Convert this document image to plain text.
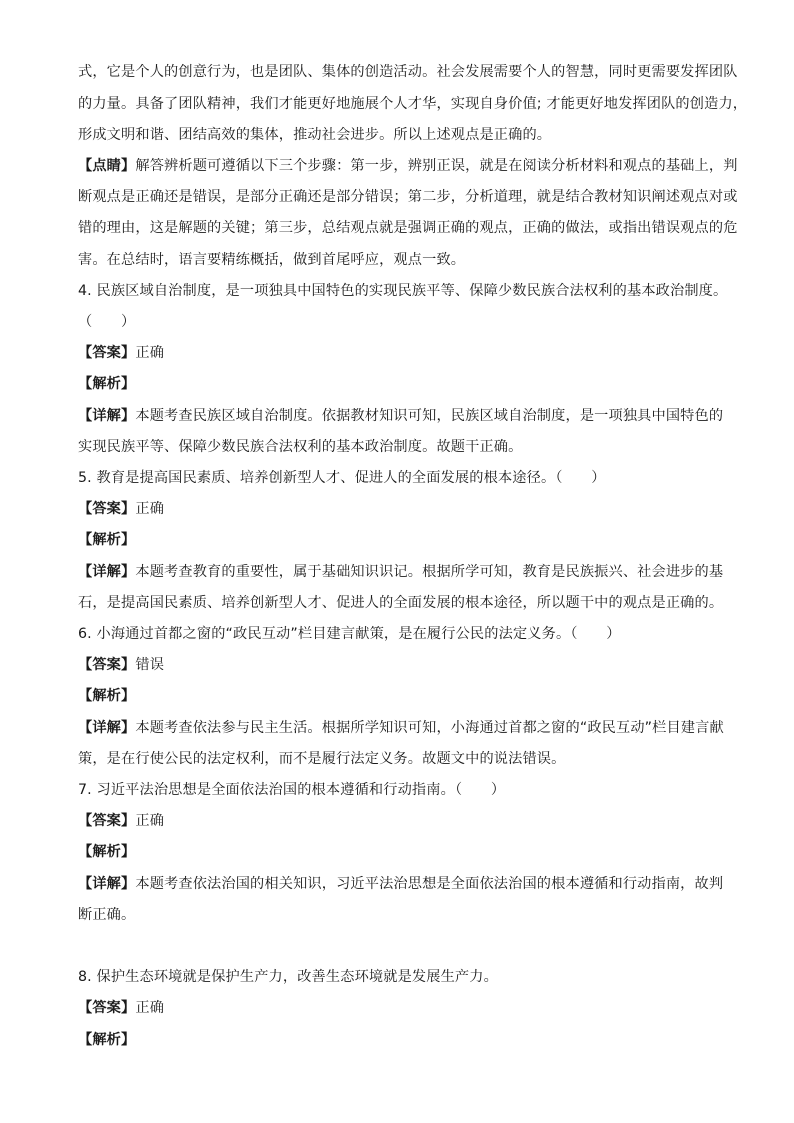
式，它是个人的创意行为，也是团队、集体的创造活动。社会发展需要个人的智慧，同时更需要发挥团队
的力量。具备了团队精神，我们才能更好地施展个人才华，实现自身价值; 才能更好地发挥团队的创造力，
形成文明和谐、团结高效的集体，推动社会进步。所以上述观点是正确的。
【点睛】解答辨析题可遵循以下三个步骤：第一步，辨别正误，就是在阅读分析材料和观点的基础上，判
断观点是正确还是错误，是部分正确还是部分错误；第二步，分析道理，就是结合教材知识阐述观点对或
错的理由，这是解题的关键；第三步，总结观点就是强调正确的观点，正确的做法，或指出错误观点的危
害。在总结时，语言要精练概括，做到首尾呼应，观点一致。
4. 民族区域自治制度，是一项独具中国特色的实现民族平等、保障少数民族合法权利的基本政治制度。
（　　）
【答案】正确
【解析】
【详解】本题考查民族区域自治制度。依据教材知识可知，民族区域自治制度，是一项独具中国特色的
实现民族平等、保障少数民族合法权利的基本政治制度。故题干正确。
5. 教育是提高国民素质、培养创新型人才、促进人的全面发展的根本途径。（　　）
【答案】正确
【解析】
【详解】本题考查教育的重要性，属于基础知识识记。根据所学可知，教育是民族振兴、社会进步的基
石，是提高国民素质、培养创新型人才、促进人的全面发展的根本途径，所以题干中的观点是正确的。
6. 小海通过首都之窗的“政民互动”栏目建言献策，是在履行公民的法定义务。（　　）
【答案】错误
【解析】
【详解】本题考查依法参与民主生活。根据所学知识可知，小海通过首都之窗的“政民互动”栏目建言献
策，是在行使公民的法定权利，而不是履行法定义务。故题文中的说法错误。
7. 习近平法治思想是全面依法治国的根本遵循和行动指南。（　　）
【答案】正确
【解析】
【详解】本题考查依法治国的相关知识，习近平法治思想是全面依法治国的根本遵循和行动指南，故判
断正确。
8. 保护生态环境就是保护生产力，改善生态环境就是发展生产力。
【答案】正确
【解析】
